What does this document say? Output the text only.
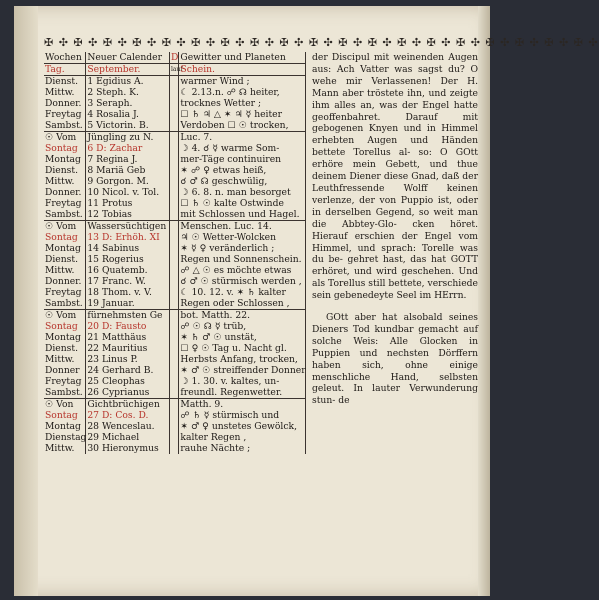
✠ ✣ ✠ ✣ ✠ ✣ ✠ ✣ ✠ ✣ ✠ ✣ ✠ ✣ ✠ ✣ ✠ ✣ ✠ ✣ ✠ ✣ ✠ ✣ ✠ ✣ ✠ ✣ ✠ ✣ ✠ ✣ ✠ ✣ ✠ ✣ ✠ ✣
Wochen	Neuer Calender	D	Gewitter und Planeten
Tag.	September.	lauf	Schein.
Dienst.	1 Egidius A.		warmer Wind ;
Mittw.	2 Steph. K.		☾ 2.13.n. ☍ ☊ heiter,
Donner.	3 Seraph.		trocknes Wetter ;
Freytag	4 Rosalia J.		☐ ♄ ♃ △ ✶ ♃ ☿ heiter
Sambst.	5 Victorin. B.		Verdoben ☐ ☉ trocken,
☉ Vom	Jüngling zu N.		Luc. 7.
Sontag	6 D: Zachar		☽ 4. ☌ ☿ warme Som-
Montag	7 Regina J.		mer-Täge continuiren
Dienst.	8 Mariä Geb		✶ ☍ ♀ etwas heiß,
Mittw.	9 Gorgon. M.		☌ ♂ ☊ geschwülig,
Donner.	10 Nicol. v. Tol.		☽ 6. 8. n. man besorget
Freytag	11 Protus		☐ ♄ ☉ kalte Ostwinde
Sambst.	12 Tobias		mit Schlossen und Hagel.
☉ Vom	Wassersüchtigen		Menschen. Luc. 14.
Sontag	13 D: Erhöh. XI		♃ ☉ Wetter-Wolcken
Montag	14 Sabinus		✶ ☿ ♀ veränderlich ;
Dienst.	15 Rogerius		Regen und Sonnenschein.
Mittw.	16 Quatemb.		☍ △ ☉ es möchte etwas
Donner.	17 Franc. W.		☌ ♂ ☉ stürmisch werden ,
Freytag	18 Thom. v. V.		☾ 10. 12. v. ✶ ♄ kalter
Sambst.	19 Januar.		Regen oder Schlossen ,
☉ Vom	fürnehmsten Ge		bot. Matth. 22.
Sontag	20 D: Fausto		☍ ☉ ☊ ☿ trüb,
Montag	21 Matthäus		✶ ♄ ♂ ☉ unstät,
Dienst.	22 Mauritius		☐ ♀ ☉ Tag u. Nacht gl.
Mittw.	23 Linus P.		Herbsts Anfang, trocken,
Donner	24 Gerhard B.		✶ ♂ ☉ streiffender Donner
Freytag	25 Cleophas		☽ 1. 30. v. kaltes, un-
Sambst.	26 Cyprianus		freundl. Regenwetter.
☉ Von	Gichtbrüchigen		Matth. 9.
Sontag	27 D: Cos. D.		☍ ♄ ☿ stürmisch und
Montag	28 Wenceslau.		✶ ♂ ♀ unstetes Gewölck,
Dienstag	29 Michael		kalter Regen ,
Mittw.	30 Hieronymus		rauhe Nächte ;

der Discipul mit weinenden Augen aus: Ach Vatter was sagst du? O wehe mir Verlassenen! Der H. Mann aber tröstete ihn, und zeigte ihm alles an, was der Engel hatte geoffenbahret. Darauf mit gebogenen Knyen und in Himmel erhebten Augen und Händen bettete Torellus al- so: O GOtt erhöre mein Gebett, und thue deinem Diener diese Gnad, daß der Leuthfressende Wolff keinen verlenze, der von Puppio ist, oder in derselben Gegend, so weit man die Abbtey-Glo- cken höret. Hierauf erschien der Engel vom Himmel, und sprach: Torelle was du be- gehret hast, das hat GOTT erhöret, und wird geschehen. Und als Torellus still bettete, verschiede sein gebenedeyte Seel im HErrn.

GOtt aber hat alsobald seines Dieners Tod kundbar gemacht auf solche Weis: Alle Glocken in Puppien und nechsten Dörffern haben sich, ohne einige menschliche Hand, selbsten geleut. In lauter Verwunderung stun- de
